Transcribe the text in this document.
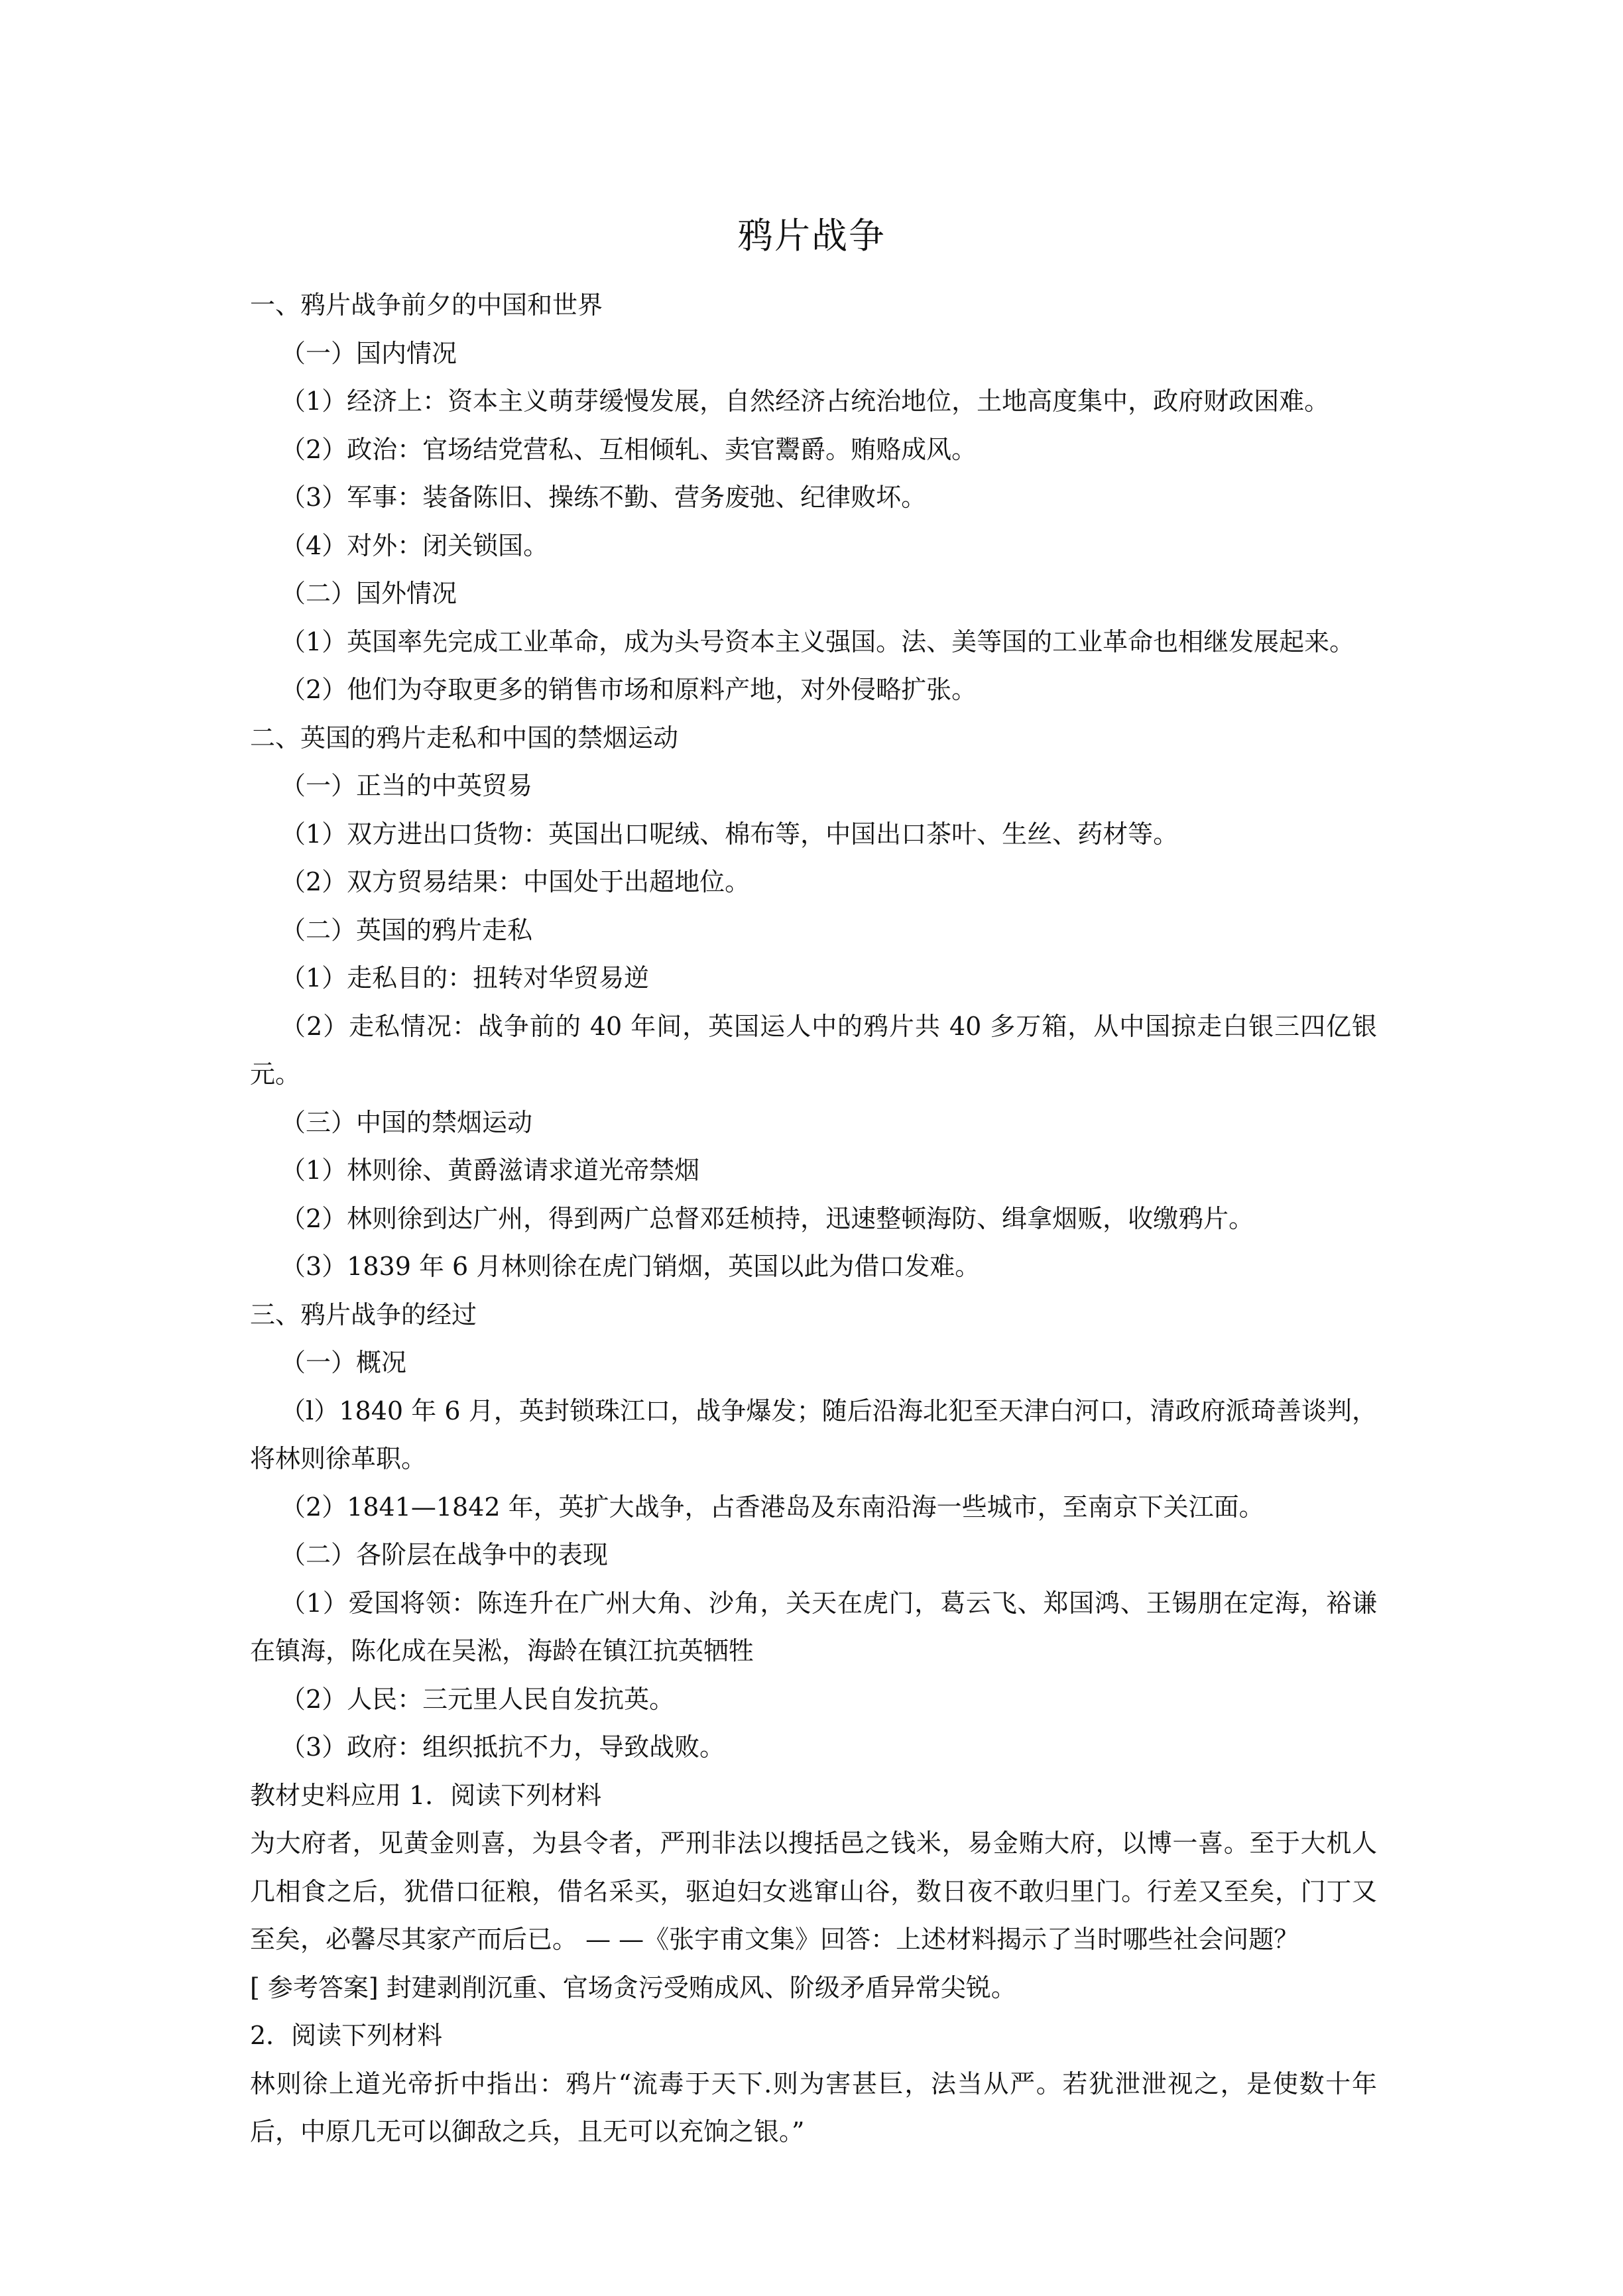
鸦片战争

一、鸦片战争前夕的中国和世界

（一）国内情况

（1）经济上：资本主义萌芽缓慢发展，自然经济占统治地位，土地高度集中，政府财政困难。

（2）政治：官场结党营私、互相倾轧、卖官鬻爵。贿赂成风。

（3）军事：装备陈旧、操练不勤、营务废弛、纪律败坏。

（4）对外：闭关锁国。

（二）国外情况

（1）英国率先完成工业革命，成为头号资本主义强国。法、美等国的工业革命也相继发展起来。

（2）他们为夺取更多的销售市场和原料产地，对外侵略扩张。

二、英国的鸦片走私和中国的禁烟运动

（一）正当的中英贸易

（1）双方进出口货物：英国出口呢绒、棉布等，中国出口茶叶、生丝、药材等。

（2）双方贸易结果：中国处于出超地位。

（二）英国的鸦片走私

（1）走私目的：扭转对华贸易逆

（2）走私情况：战争前的 40 年间，英国运人中的鸦片共 40 多万箱，从中国掠走白银三四亿银元。

（三）中国的禁烟运动

（1）林则徐、黄爵滋请求道光帝禁烟

（2）林则徐到达广州，得到两广总督邓廷桢持，迅速整顿海防、缉拿烟贩，收缴鸦片。

（3）1839 年 6 月林则徐在虎门销烟，英国以此为借口发难。

三、鸦片战争的经过

（一）概况

（l）1840 年 6 月，英封锁珠江口，战争爆发；随后沿海北犯至天津白河口，清政府派琦善谈判，将林则徐革职。

（2）1841—1842 年，英扩大战争，占香港岛及东南沿海一些城市，至南京下关江面。

（二）各阶层在战争中的表现

（1）爱国将领：陈连升在广州大角、沙角，关天在虎门，葛云飞、郑国鸿、王锡朋在定海，裕谦在镇海，陈化成在吴淞，海龄在镇江抗英牺牲

（2）人民：三元里人民自发抗英。

（3）政府：组织抵抗不力，导致战败。

教材史料应用 1．阅读下列材料

为大府者，见黄金则喜，为县令者，严刑非法以搜括邑之钱米，易金贿大府，以博一喜。至于大机人几相食之后，犹借口征粮，借名采买，驱迫妇女逃窜山谷，数日夜不敢归里门。行差又至矣，门丁又至矣，必馨尽其家产而后已。 — —《张宇甫文集》回答：上述材料揭示了当时哪些社会问题？

[ 参考答案] 封建剥削沉重、官场贪污受贿成风、阶级矛盾异常尖锐。

2．阅读下列材料

林则徐上道光帝折中指出：鸦片“流毒于天下.则为害甚巨，法当从严。若犹泄泄视之，是使数十年后，中原几无可以御敌之兵，且无可以充饷之银。”
